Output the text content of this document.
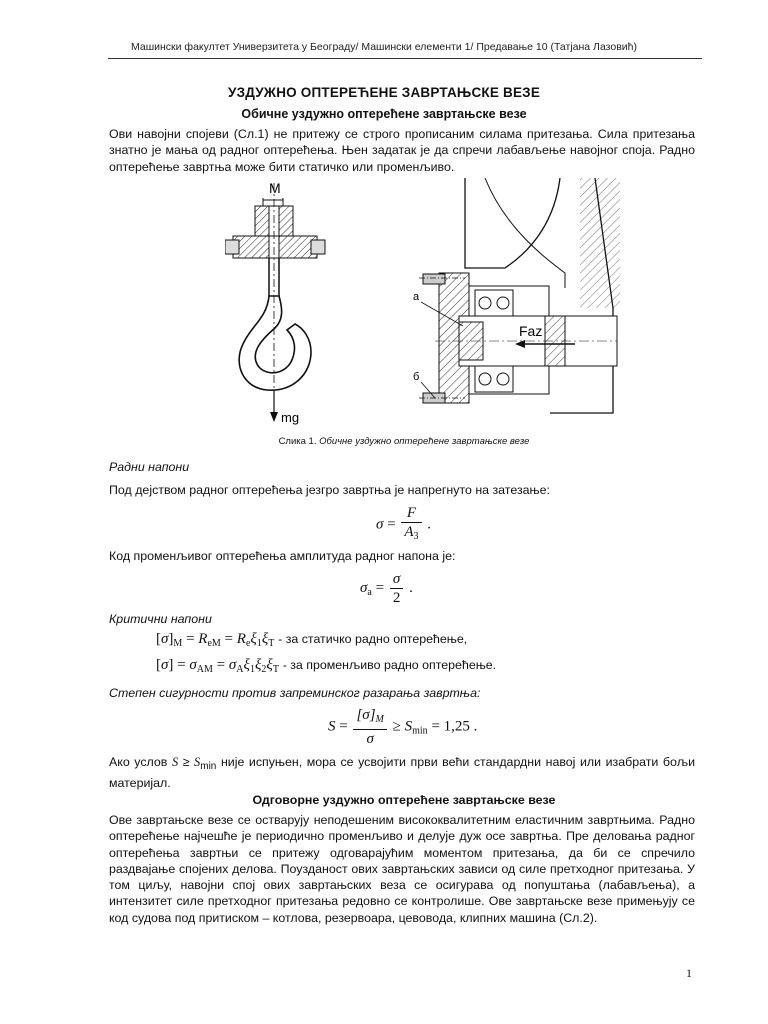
Машински факултет Универзитета у Београду/ Машински елементи 1/ Предавање 10 (Татјана Лазовић)
УЗДУЖНО ОПТЕРЕЋЕНЕ ЗАВРТАЊСКЕ ВЕЗЕ
Обичне уздужно оптерећене завртањске везе

Ови навојни спојеви (Сл.1) не притежу се строго прописаним силама притезања. Сила притезања знатно је мања од радног оптерећења. Њен задатак је да спречи лабављење навојног споја. Радно оптерећење завртња може бити статичко или променљиво.

M
mg
а
б
Faz
Слика 1. Обичне уздужно оптерећене завртањске везе
Радни напони

Под дејством радног оптерећења језгро завртња је напрегнуто на затезање:

$\sigma = \frac{F}{A_3}$ .

Код променљивог оптерећења амплитуда радног напона је:

$\sigma_a = \frac{\sigma}{2}$ .
Критични напони
$[\sigma]_M = R_{eM} = R_e\xi_1\xi_T$ - за статичко радно оптерећење,
$[\sigma] = \sigma_{AM} = \sigma_A\xi_1\xi_2\xi_T$ - за променљиво радно оптерећење.
Степен сигурности против запреминског разарања завртња:
$S = \frac{[\sigma]_M}{\sigma} \ge S_{min} = 1,25$ .

Ако услов $S \ge S_{min}$ није испуњен, мора се усвојити први већи стандардни навој или изабрати бољи материјал.

Одговорне уздужно оптерећене завртањске везе

Ове завртањске везе се остварују неподешеним висококвалитетним еластичним завртњима. Радно оптерећење најчешће је периодично променљиво и делује дуж осе завртња. Пре деловања радног оптерећења завртњи се притежу одговарајућим моментом притезања, да би се спречило раздвајање спојених делова. Поузданост ових завртањских зависи од силе претходног притезања. У том циљу, навојни спој ових завртањских веза се осигурава од попуштања (лабављења), а интензитет силе претходног притезања редовно се контролише. Ове завртањске везе примењују се код судова под притиском – котлова, резервоара, цевовода, клипних машина (Сл.2).

1
